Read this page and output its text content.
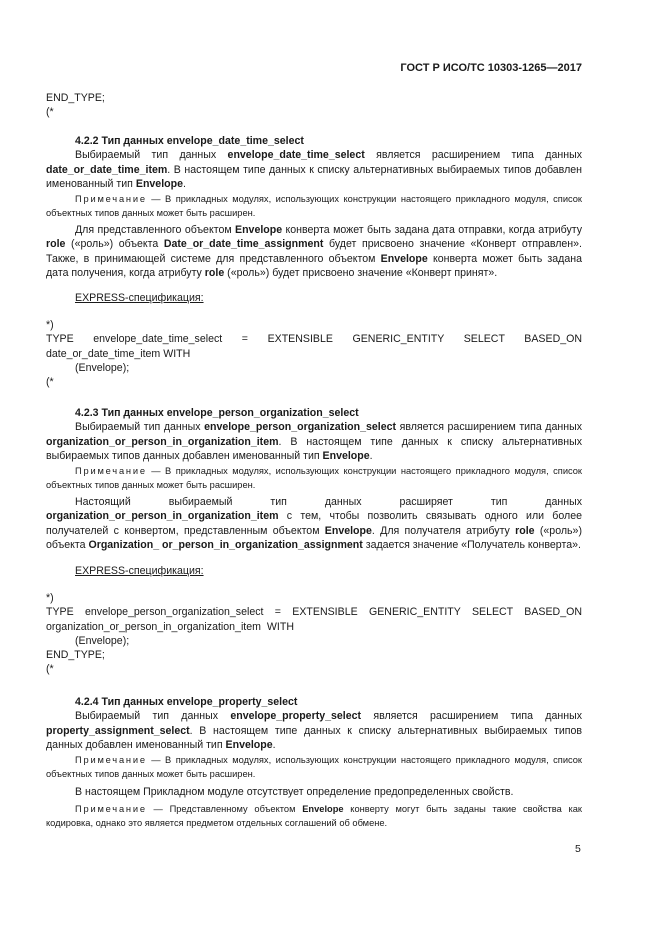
ГОСТ Р ИСО/ТС 10303-1265—2017

END_TYPE;

(*

4.2.2 Тип данных envelope_date_time_select

Выбираемый тип данных envelope_date_time_select является расширением типа данных date_or_date_time_item. В настоящем типе данных к списку альтернативных выбираемых типов добавлен именованный тип Envelope.

Примечание — В прикладных модулях, использующих конструкции настоящего прикладного модуля, список объектных типов данных может быть расширен.
Для представленного объектом Envelope конверта может быть задана дата отправки, когда атрибуту role («роль») объекта Date_or_date_time_assignment будет присвоено значение «Конверт отправлен». Также, в принимающей системе для представленного объектом Envelope конверта может быть задана дата получения, когда атрибуту role («роль») будет присвоено значение «Конверт принят».
EXPRESS-спецификация:

*)

TYPE envelope_date_time_select = EXTENSIBLE GENERIC_ENTITY SELECT BASED_ON date_or_date_time_item WITH

(Envelope);

(*

4.2.3 Тип данных envelope_person_organization_select

Выбираемый тип данных envelope_person_organization_select является расширением типа данных organization_or_person_in_organization_item. В настоящем типе данных к списку альтернативных выбираемых типов данных добавлен именованный тип Envelope.

Примечание — В прикладных модулях, использующих конструкции настоящего прикладного модуля, список объектных типов данных может быть расширен.
Настоящий выбираемый тип данных расширяет тип данных organization_or_person_in_organization_item с тем, чтобы позволить связывать одного или более получателей с конвертом, представленным объектом Envelope. Для получателя атрибуту role («роль») объекта Organization_ or_person_in_organization_assignment задается значение «Получатель конверта».
EXPRESS-спецификация:

*)

TYPE envelope_person_organization_select = EXTENSIBLE GENERIC_ENTITY SELECT BASED_ON organization_or_person_in_organization_item WITH

(Envelope);

END_TYPE;

(*

4.2.4 Тип данных envelope_property_select

Выбираемый тип данных envelope_property_select является расширением типа данных property_assignment_select. В настоящем типе данных к списку альтернативных выбираемых типов данных добавлен именованный тип Envelope.

Примечание — В прикладных модулях, использующих конструкции настоящего прикладного модуля, список объектных типов данных может быть расширен.
В настоящем Прикладном модуле отсутствует определение предопределенных свойств.
Примечание — Представленному объектом Envelope конверту могут быть заданы такие свойства как кодировка, однако это является предметом отдельных соглашений об обмене.
5
